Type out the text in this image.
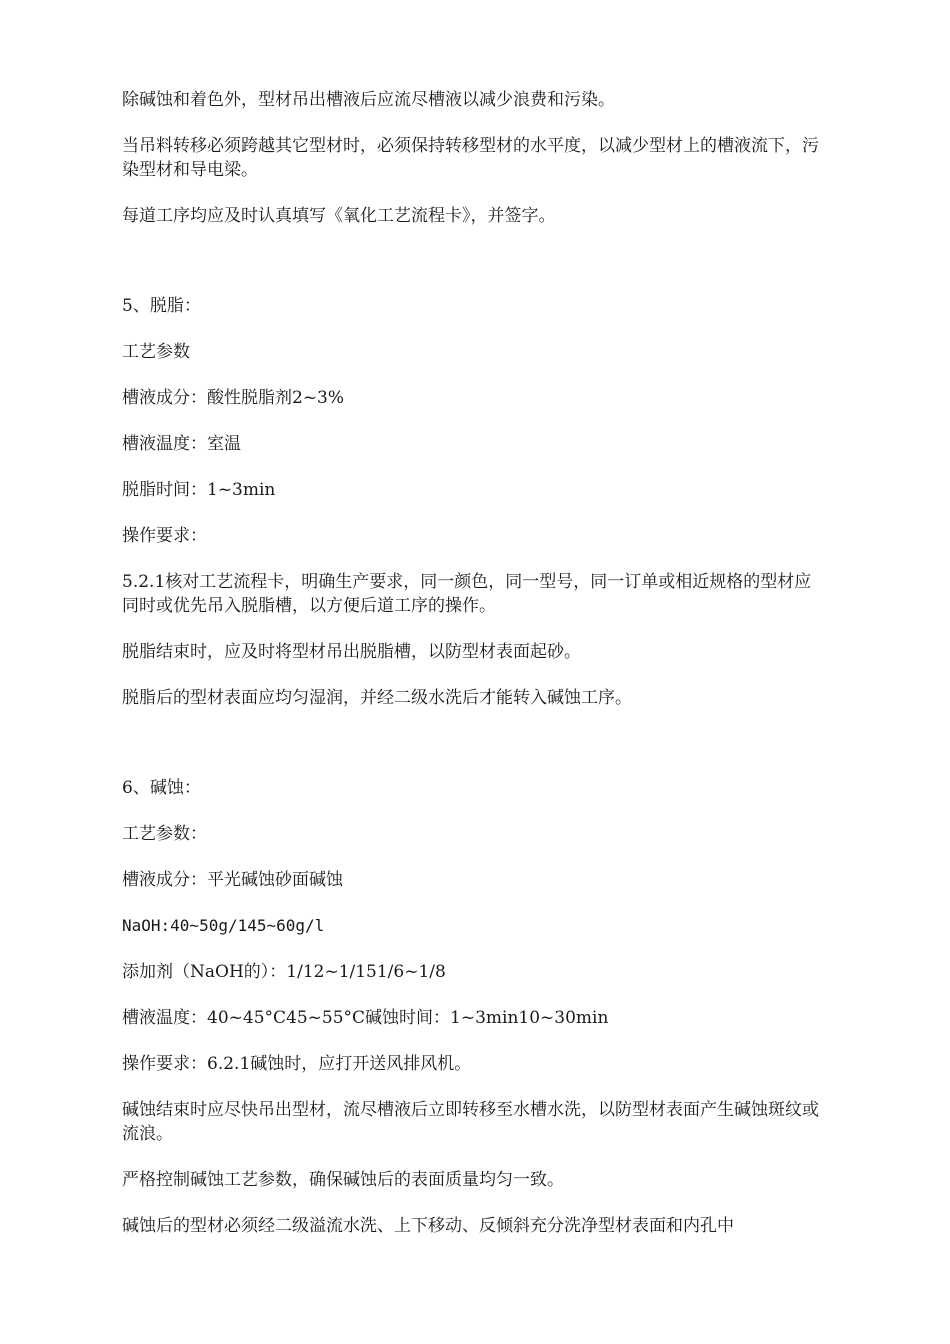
除碱蚀和着色外，型材吊出槽液后应流尽槽液以减少浪费和污染。

当吊料转移必须跨越其它型材时，必须保持转移型材的水平度，以减少型材上的槽液流下，污染型材和导电梁。

每道工序均应及时认真填写《氧化工艺流程卡》，并签字。

5、脱脂：

工艺参数

槽液成分：酸性脱脂剂2~3%

槽液温度：室温

脱脂时间：1~3min

操作要求：

5.2.1核对工艺流程卡，明确生产要求，同一颜色，同一型号，同一订单或相近规格的型材应同时或优先吊入脱脂槽，以方便后道工序的操作。

脱脂结束时，应及时将型材吊出脱脂槽，以防型材表面起砂。

脱脂后的型材表面应均匀湿润，并经二级水洗后才能转入碱蚀工序。

6、碱蚀：

工艺参数：

槽液成分：平光碱蚀砂面碱蚀

NaOH:40~50g/145~60g/l

添加剂（NaOH的）：1/12~1/151/6~1/8

槽液温度：40~45°C45~55°C碱蚀时间：1~3min10~30min

操作要求：6.2.1碱蚀时，应打开送风排风机。

碱蚀结束时应尽快吊出型材，流尽槽液后立即转移至水槽水洗，以防型材表面产生碱蚀斑纹或流浪。

严格控制碱蚀工艺参数，确保碱蚀后的表面质量均匀一致。

碱蚀后的型材必须经二级溢流水洗、上下移动、反倾斜充分洗净型材表面和内孔中
